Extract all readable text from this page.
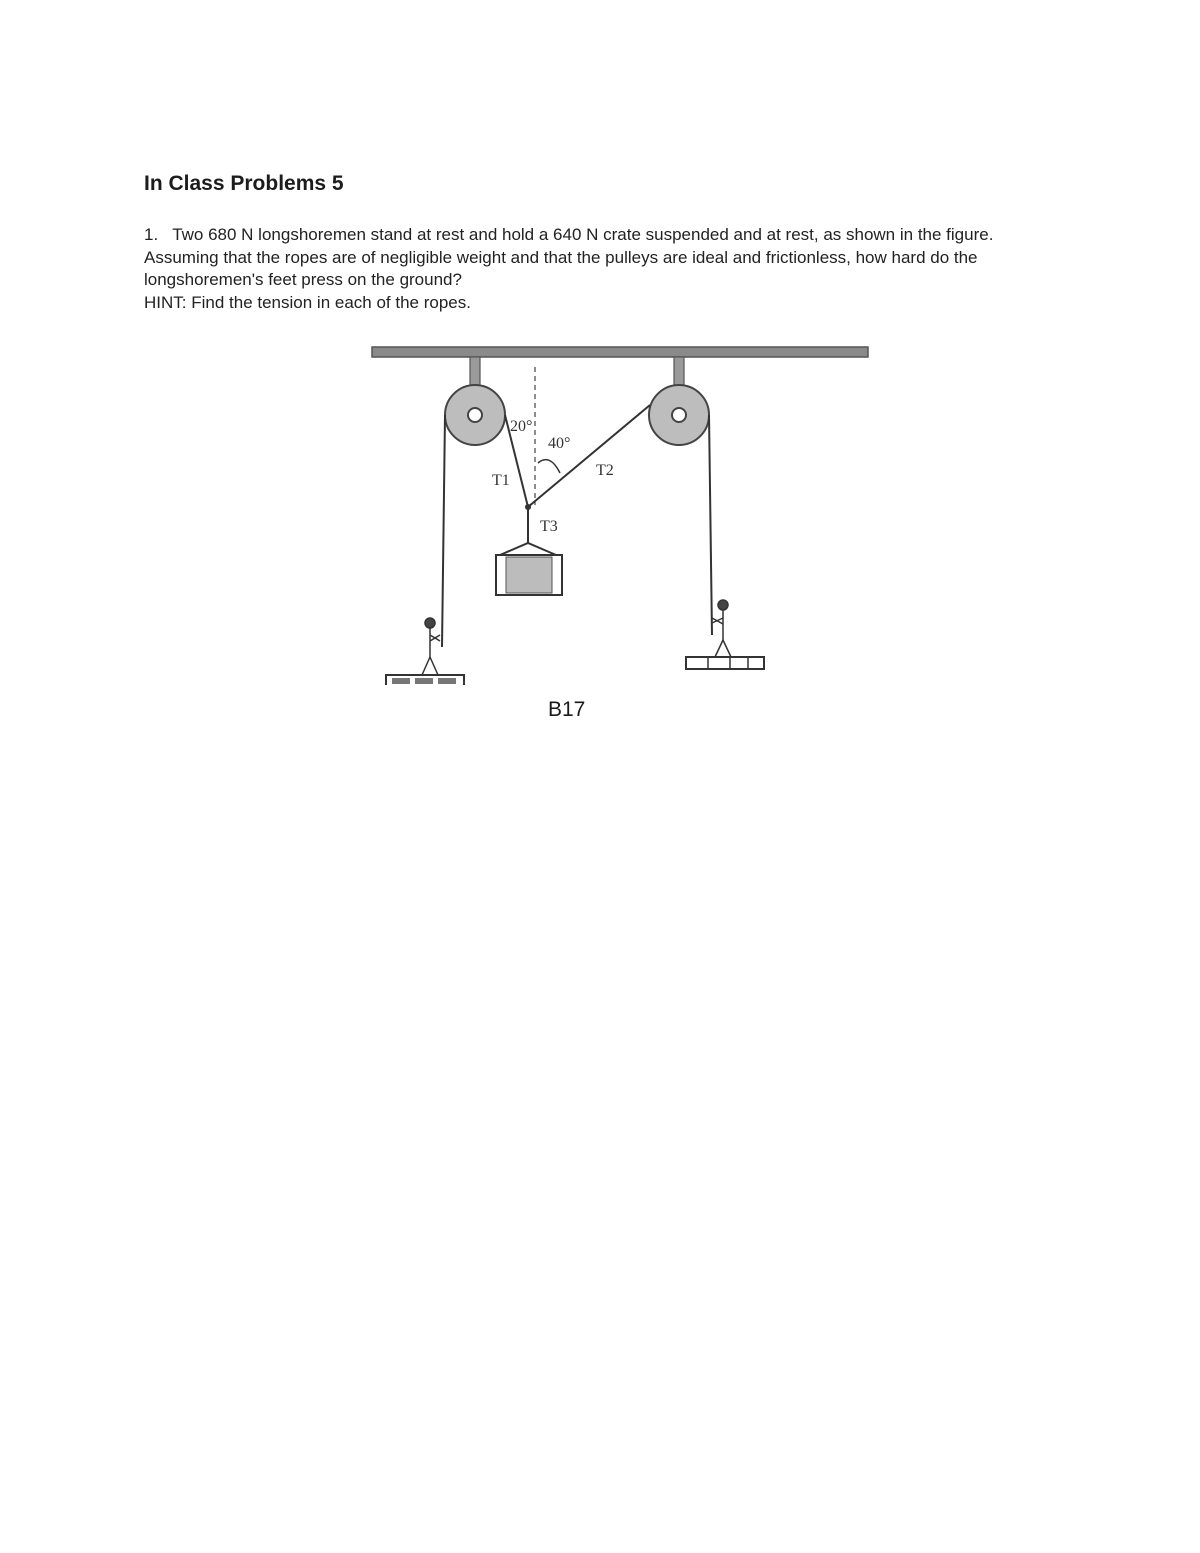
In Class Problems 5

1. Two 680 N longshoremen stand at rest and hold a 640 N crate suspended and at rest, as shown in the figure. Assuming that the ropes are of negligible weight and that the pulleys are ideal and frictionless, how hard do the longshoremen's feet press on the ground?

HINT: Find the tension in each of the ropes.

20°
40°
T1
T2
T3
B17
